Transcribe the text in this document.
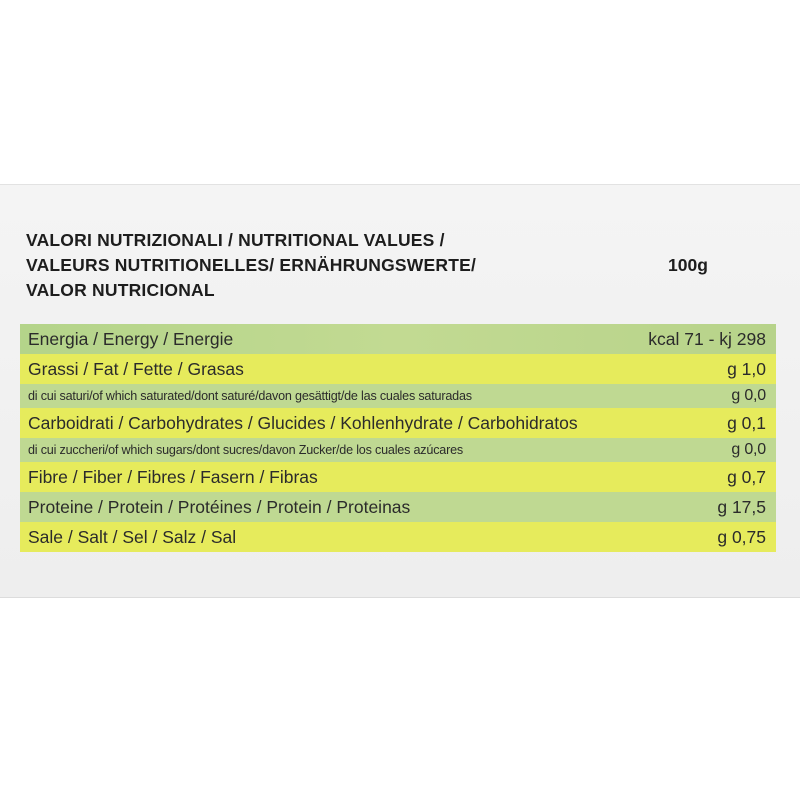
VALORI NUTRIZIONALI / NUTRITIONAL VALUES /
VALEURS NUTRITIONELLES/ ERNÄHRUNGSWERTE/
VALOR NUTRICIONAL
100g
Energia / Energy / Energie	kcal 71 - kj 298
Grassi / Fat / Fette / Grasas	g 1,0
di cui saturi/of which saturated/dont saturé/davon gesättigt/de las cuales saturadas	g 0,0
Carboidrati / Carbohydrates / Glucides / Kohlenhydrate / Carbohidratos	g 0,1
di cui zuccheri/of which sugars/dont sucres/davon Zucker/de los cuales azúcares	g 0,0
Fibre / Fiber / Fibres / Fasern / Fibras	g 0,7
Proteine / Protein / Protéines / Protein / Proteinas	g 17,5
Sale / Salt / Sel / Salz / Sal	g 0,75
